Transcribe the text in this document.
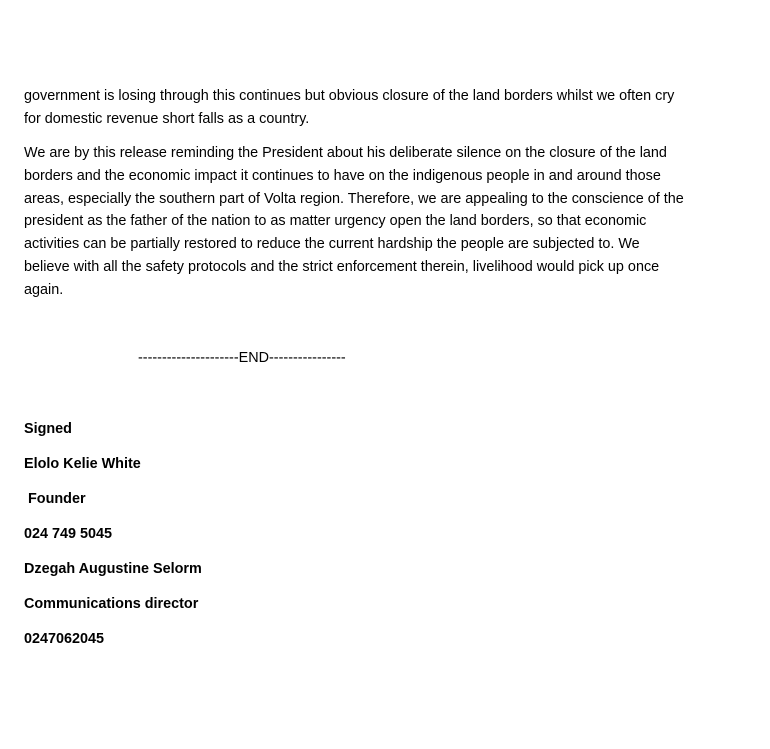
government is losing through this continues but obvious closure of the land borders whilst we often cry
for domestic revenue short falls as a country.

We are by this release reminding the President about his deliberate silence on the closure of the land
borders and the economic impact it continues to have on the indigenous people in and around those
areas, especially the southern part of Volta region. Therefore, we are appealing to the conscience of the
president as the father of the nation to as matter urgency open the land borders, so that economic
activities can be partially restored to reduce the current hardship the people are subjected to. We
believe with all the safety protocols and the strict enforcement therein, livelihood would pick up once
again.

---------------------END----------------
Signed
Elolo Kelie White
Founder
024 749 5045
Dzegah Augustine Selorm
Communications director
0247062045
